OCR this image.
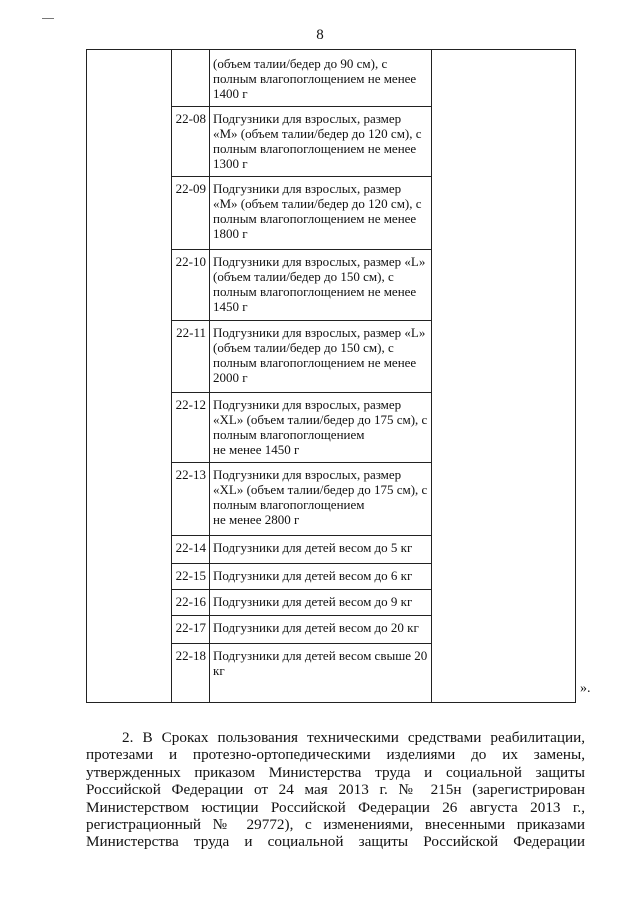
8
(объем талии/бедер до 90 см), с
полным влагопоглощением не менее
1400 г
22-08 Подгузники для взрослых, размер
«M» (объем талии/бедер до 120 см), с
полным влагопоглощением не менее
1300 г
22-09 Подгузники для взрослых, размер
«M» (объем талии/бедер до 120 см), с
полным влагопоглощением не менее
1800 г
22-10 Подгузники для взрослых, размер «L»
(объем талии/бедер до 150 см), с
полным влагопоглощением не менее
1450 г
22-11 Подгузники для взрослых, размер «L»
(объем талии/бедер до 150 см), с
полным влагопоглощением не менее
2000 г
22-12 Подгузники для взрослых, размер
«XL» (объем талии/бедер до 175 см), с
полным влагопоглощением
не менее 1450 г
22-13 Подгузники для взрослых, размер
«XL» (объем талии/бедер до 175 см), с
полным влагопоглощением
не менее 2800 г
22-14 Подгузники для детей весом до 5 кг
22-15 Подгузники для детей весом до 6 кг
22-16 Подгузники для детей весом до 9 кг
22-17 Подгузники для детей весом до 20 кг
22-18 Подгузники для детей весом свыше 20
кг
».
2. В Сроках пользования техническими средствами реабилитации,
протезами и протезно-ортопедическими изделиями до их замены,
утвержденных приказом Министерства труда и социальной защиты
Российской Федерации от 24 мая 2013 г. № 215н (зарегистрирован
Министерством юстиции Российской Федерации 26 августа 2013 г.,
регистрационный № 29772), с изменениями, внесенными приказами
Министерства труда и социальной защиты Российской Федерации
